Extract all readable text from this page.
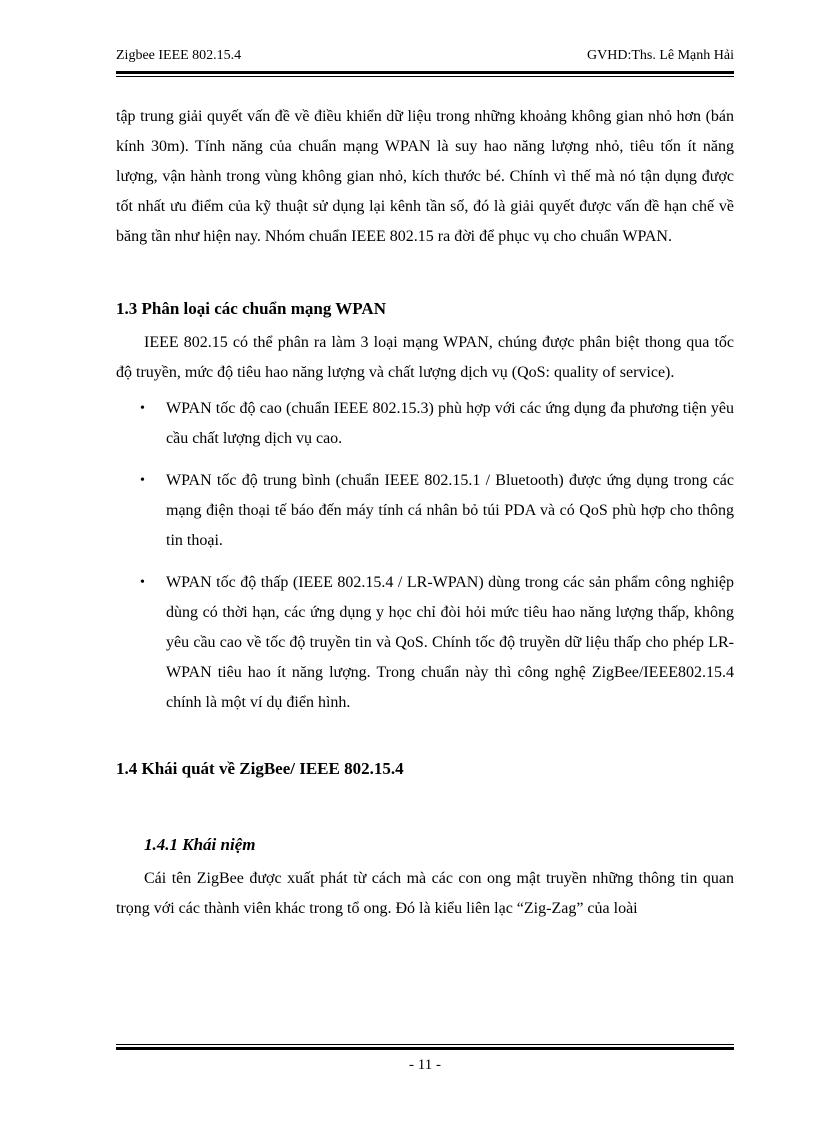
Zigbee IEEE 802.15.4	GVHD:Ths. Lê Mạnh Hải

tập trung giải quyết vấn đề về điều khiển dữ liệu trong những khoảng không gian nhỏ hơn (bán kính 30m). Tính năng của chuẩn mạng WPAN là suy hao năng lượng nhỏ, tiêu tốn ít năng lượng, vận hành trong vùng không gian nhỏ, kích thước bé. Chính vì thế mà nó tận dụng được tốt nhất ưu điểm của kỹ thuật sử dụng lại kênh tần số, đó là giải quyết được vấn đề hạn chế về băng tần như hiện nay. Nhóm chuẩn IEEE 802.15 ra đời để phục vụ cho chuẩn WPAN.

1.3 Phân loại các chuẩn mạng WPAN

IEEE 802.15 có thể phân ra làm 3 loại mạng WPAN, chúng được phân biệt thong qua tốc độ truyền, mức độ tiêu hao năng lượng và chất lượng dịch vụ (QoS: quality of service).

• WPAN tốc độ cao (chuẩn IEEE 802.15.3) phù hợp với các ứng dụng đa phương tiện yêu cầu chất lượng dịch vụ cao.

• WPAN tốc độ trung bình (chuẩn IEEE 802.15.1 / Bluetooth) được ứng dụng trong các mạng điện thoại tế báo đến máy tính cá nhân bỏ túi PDA và có QoS phù hợp cho thông tin thoại.

• WPAN tốc độ thấp (IEEE 802.15.4 / LR-WPAN) dùng trong các sản phẩm công nghiệp dùng có thời hạn, các ứng dụng y học chỉ đòi hỏi mức tiêu hao năng lượng thấp, không yêu cầu cao về tốc độ truyền tin và QoS. Chính tốc độ truyền dữ liệu thấp cho phép LR-WPAN tiêu hao ít năng lượng. Trong chuẩn này thì công nghệ ZigBee/IEEE802.15.4 chính là một ví dụ điển hình.

1.4 Khái quát về ZigBee/ IEEE 802.15.4
1.4.1 Khái niệm

Cái tên ZigBee được xuất phát từ cách mà các con ong mật truyền những thông tin quan trọng với các thành viên khác trong tổ ong. Đó là kiểu liên lạc “Zig-Zag” của loài

- 11 -
